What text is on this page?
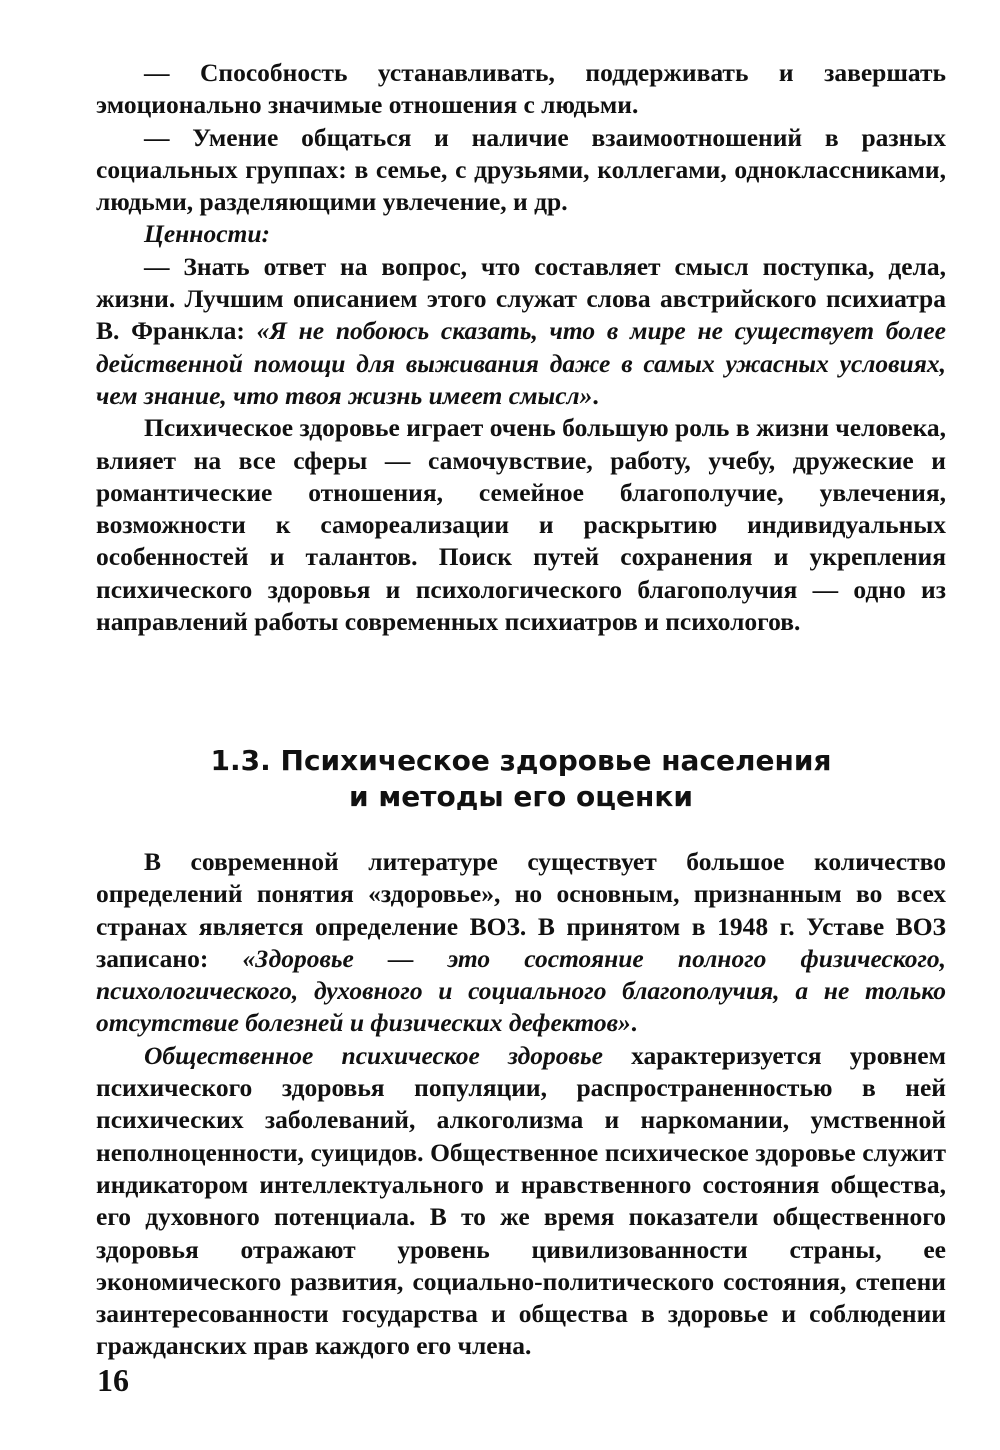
— Способность устанавливать, поддерживать и завершать эмоционально значимые отношения с людьми.

— Умение общаться и наличие взаимоотношений в разных социальных группах: в семье, с друзьями, коллегами, одноклассниками, людьми, разделяющими увлечение, и др.

Ценности:

— Знать ответ на вопрос, что составляет смысл поступка, дела, жизни. Лучшим описанием этого служат слова австрийского психиатра В. Франкла: «Я не побоюсь сказать, что в мире не существует более действенной помощи для выживания даже в самых ужасных условиях, чем знание, что твоя жизнь имеет смысл».

Психическое здоровье играет очень большую роль в жизни человека, влияет на все сферы — самочувствие, работу, учебу, дружеские и романтические отношения, семейное благополучие, увлечения, возможности к самореализации и раскрытию индивидуальных особенностей и талантов. Поиск путей сохранения и укрепления психического здоровья и психологического благополучия — одно из направлений работы современных психиатров и психологов.

1.3. Психическое здоровье населения
и методы его оценки

В современной литературе существует большое количество определений понятия «здоровье», но основным, признанным во всех странах является определение ВОЗ. В принятом в 1948 г. Уставе ВОЗ записано: «Здоровье — это состояние полного физического, психологического, духовного и социального благополучия, а не только отсутствие болезней и физических дефектов».

Общественное психическое здоровье характеризуется уровнем психического здоровья популяции, распространенностью в ней психических заболеваний, алкоголизма и наркомании, умственной неполноценности, суицидов. Общественное психическое здоровье служит индикатором интеллектуального и нравственного состояния общества, его духовного потенциала. В то же время показатели общественного здоровья отражают уровень цивилизованности страны, ее экономического развития, социально-политического состояния, степени заинтересованности государства и общества в здоровье и соблюдении гражданских прав каждого его члена.

16
